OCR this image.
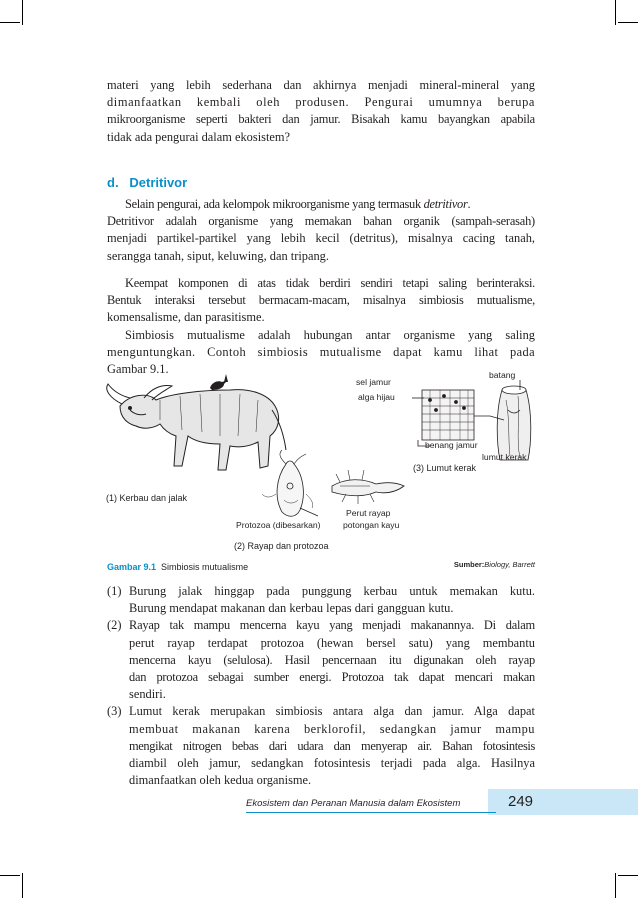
materi yang lebih sederhana dan akhirnya menjadi mineral-mineral yang
dimanfaatkan kembali oleh produsen. Pengurai umumnya berupa
mikroorganisme seperti bakteri dan jamur. Bisakah kamu bayangkan apabila
tidak ada pengurai dalam ekosistem?

d.   Detritivor

Selain pengurai, ada kelompok mikroorganisme yang termasuk detritivor.
Detritivor adalah organisme yang memakan bahan organik (sampah-serasah)
menjadi partikel-partikel yang lebih kecil (detritus), misalnya cacing tanah,
serangga tanah, siput, keluwing, dan tripang.

Keempat komponen di atas tidak berdiri sendiri tetapi saling berinteraksi.
Bentuk interaksi tersebut bermacam-macam, misalnya simbiosis mutualisme,
komensalisme, dan parasitisme.

Simbiosis mutualisme adalah hubungan antar organisme yang saling
menguntungkan. Contoh simbiosis mutualisme dapat kamu lihat pada
Gambar 9.1.

sel jamur
alga hijau
batang
benang jamur
lumut kerak
(3) Lumut kerak
(1) Kerbau dan jalak
Perut rayap
potongan kayu
Protozoa (dibesarkan)
(2) Rayap dan protozoa
Gambar 9.1 Simbiosis mutualisme	Sumber:Biology, Barrett
(1) Burung jalak hinggap pada punggung kerbau untuk memakan kutu.
Burung mendapat makanan dan kerbau lepas dari gangguan kutu.
(2) Rayap tak mampu mencerna kayu yang menjadi makanannya. Di dalam
perut rayap terdapat protozoa (hewan bersel satu) yang membantu
mencerna kayu (selulosa). Hasil pencernaan itu digunakan oleh rayap
dan protozoa sebagai sumber energi. Protozoa tak dapat mencari makan
sendiri.
(3) Lumut kerak merupakan simbiosis antara alga dan jamur. Alga dapat
membuat makanan karena berklorofil, sedangkan jamur mampu
mengikat nitrogen bebas dari udara dan menyerap air. Bahan fotosintesis
diambil oleh jamur, sedangkan fotosintesis terjadi pada alga. Hasilnya
dimanfaatkan oleh kedua organisme.
Ekosistem dan Peranan Manusia dalam Ekosistem	249
